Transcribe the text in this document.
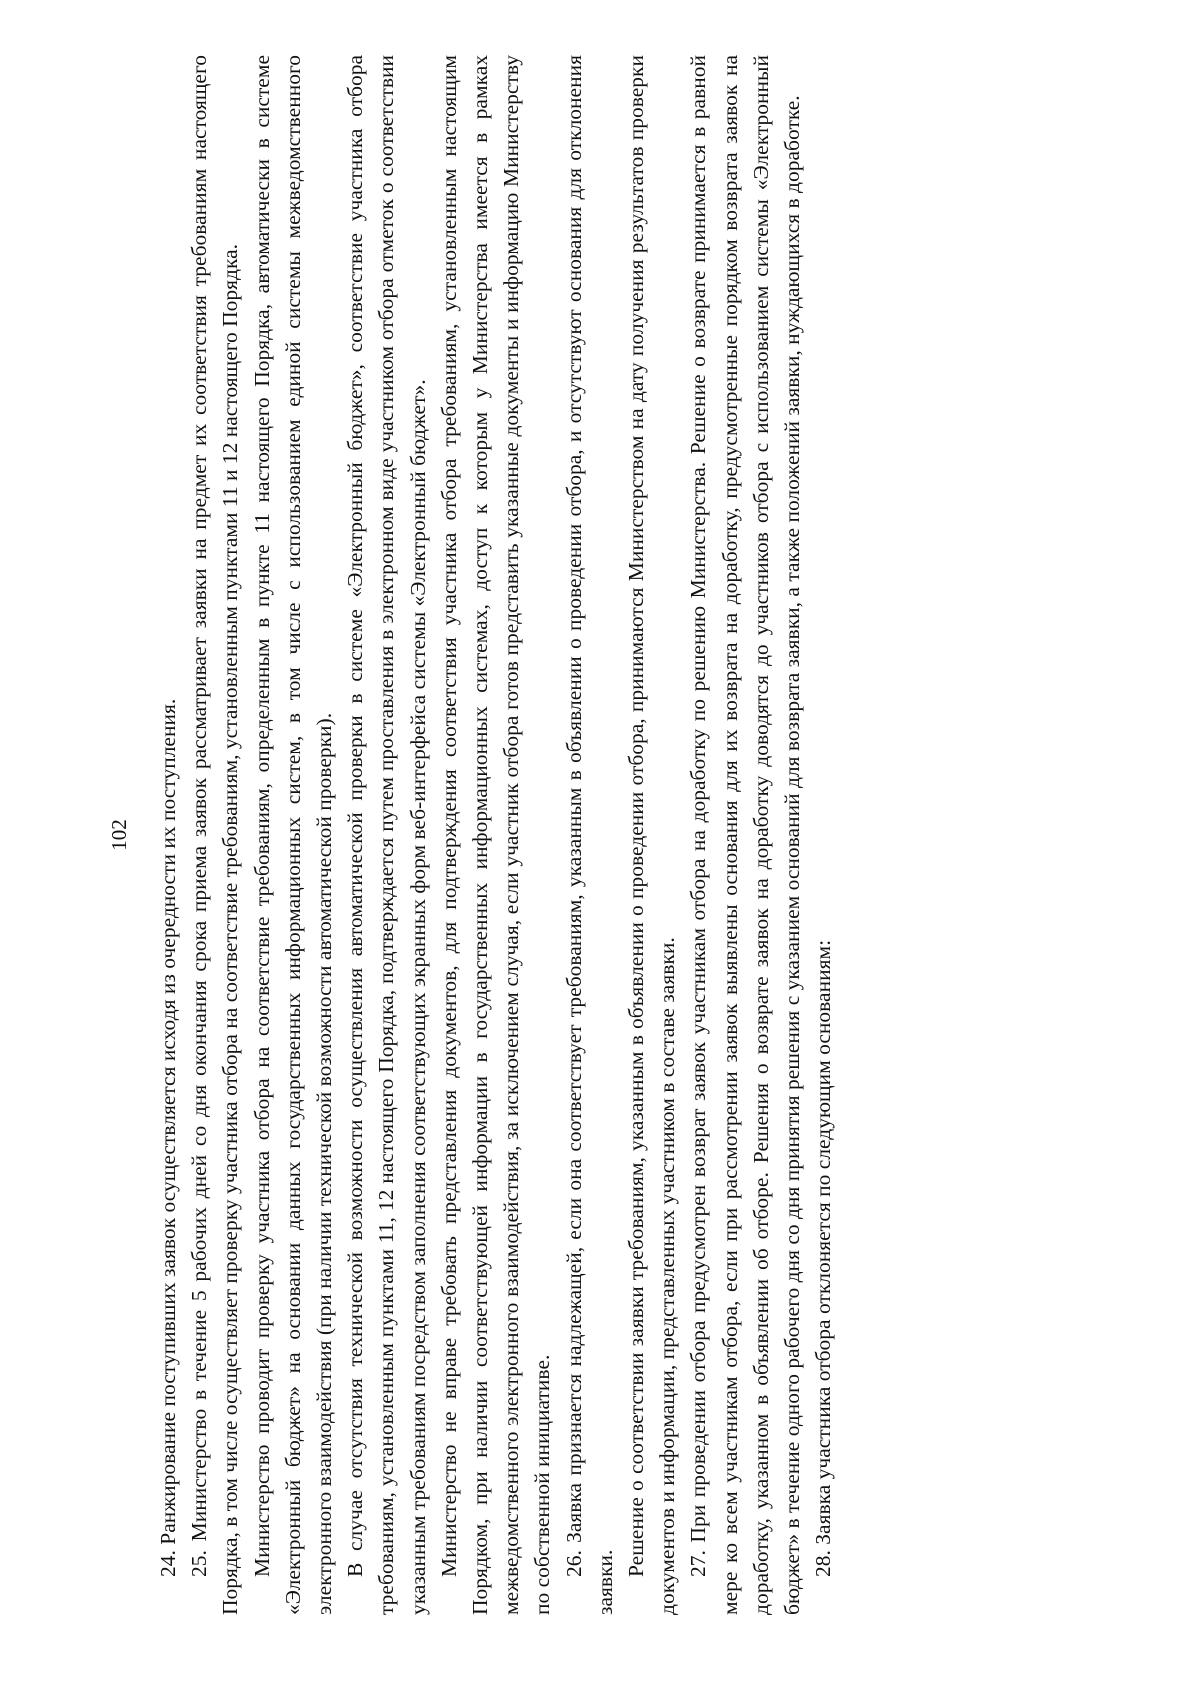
102 24. Ранжирование поступивших заявок осуществляется исходя из очередности их поступления. 25. Министерство в течение 5 рабочих дней со дня окончания срока приема заявок рассматривает заявки на предмет их соответствия требованиям настоящего Порядка, в том числе осуществляет проверку участника отбора на соответствие требованиям, установленным пунктами 11 и 12 настоящего Порядка. Министерство проводит проверку участника отбора на соответствие требованиям, определенным в пункте 11 настоящего Порядка, автоматически в системе «Электронный бюджет» на основании данных государственных информационных систем, в том числе с использованием единой системы межведомственного электронного взаимодействия (при наличии технической возможности автоматической проверки). В случае отсутствия технической возможности осуществления автоматической проверки в системе «Электронный бюджет», соответствие участника отбора требованиям, установленным пунктами 11, 12 настоящего Порядка, подтверждается путем проставления в электронном виде участником отбора отметок о соответствии указанным требованиям посредством заполнения соответствующих экранных форм веб-интерфейса системы «Электронный бюджет». Министерство не вправе требовать представления документов, для подтверждения соответствия участника отбора требованиям, установленным настоящим Порядком, при наличии соответствующей информации в государственных информационных системах, доступ к которым у Министерства имеется в рамках межведомственного электронного взаимодействия, за исключением случая, если участник отбора готов представить указанные документы и информацию Министерству по собственной инициативе. 26. Заявка признается надлежащей, если она соответствует требованиям, указанным в объявлении о проведении отбора, и отсутствуют основания для отклонения заявки.

Решение о соответствии заявки требованиям, указанным в объявлении о проведении отбора, принимаются Министерством на дату получения результатов проверки документов и информации, представленных участником в составе заявки. 27. При проведении отбора предусмотрен возврат заявок участникам отбора на доработку по решению Министерства. Решение о возврате принимается в равной мере ко всем участникам отбора, если при рассмотрении заявок выявлены основания для их возврата на доработку, предусмотренные порядком возврата заявок на доработку, указанном в объявлении об отборе. Решения о возврате заявок на доработку доводятся до участников отбора с использованием системы «Электронный бюджет» в течение одного рабочего дня со дня принятия решения с указанием оснований для возврата заявки, а также положений заявки, нуждающихся в доработке. 28. Заявка участника отбора отклоняется по следующим основаниям:
